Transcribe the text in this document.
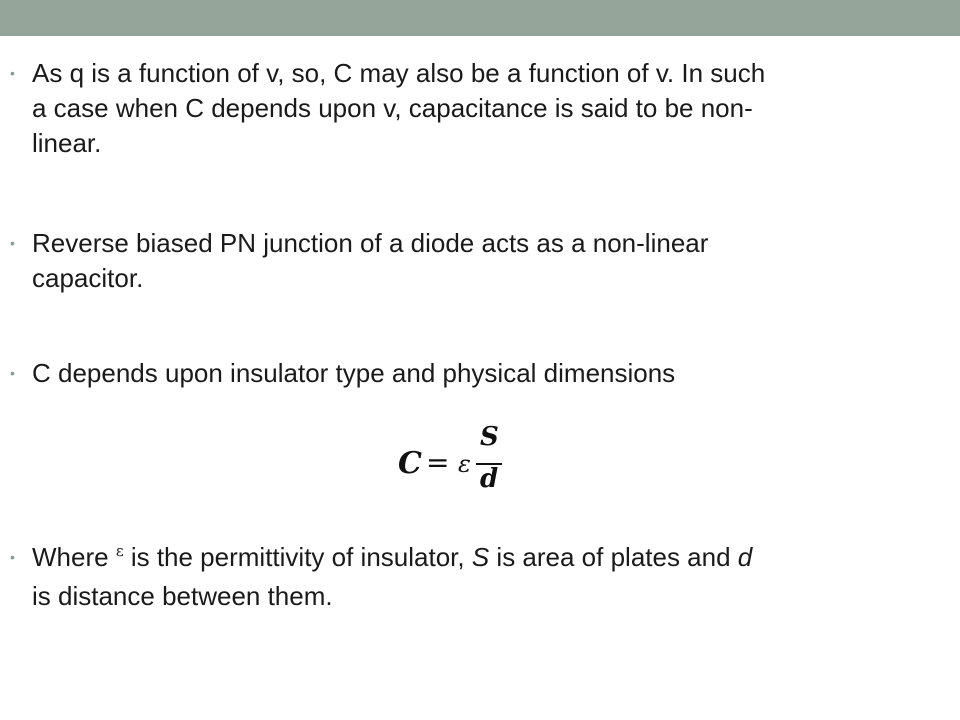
• As q is a function of v, so, C may also be a function of v. In such
a case when C depends upon v, capacitance is said to be non-
linear.
• Reverse biased PN junction of a diode acts as a non-linear
capacitor.
• C depends upon insulator type and physical dimensions
C = ε
S
d
• Where $^\varepsilon$ is the permittivity of insulator, S is area of plates and d
is distance between them.
